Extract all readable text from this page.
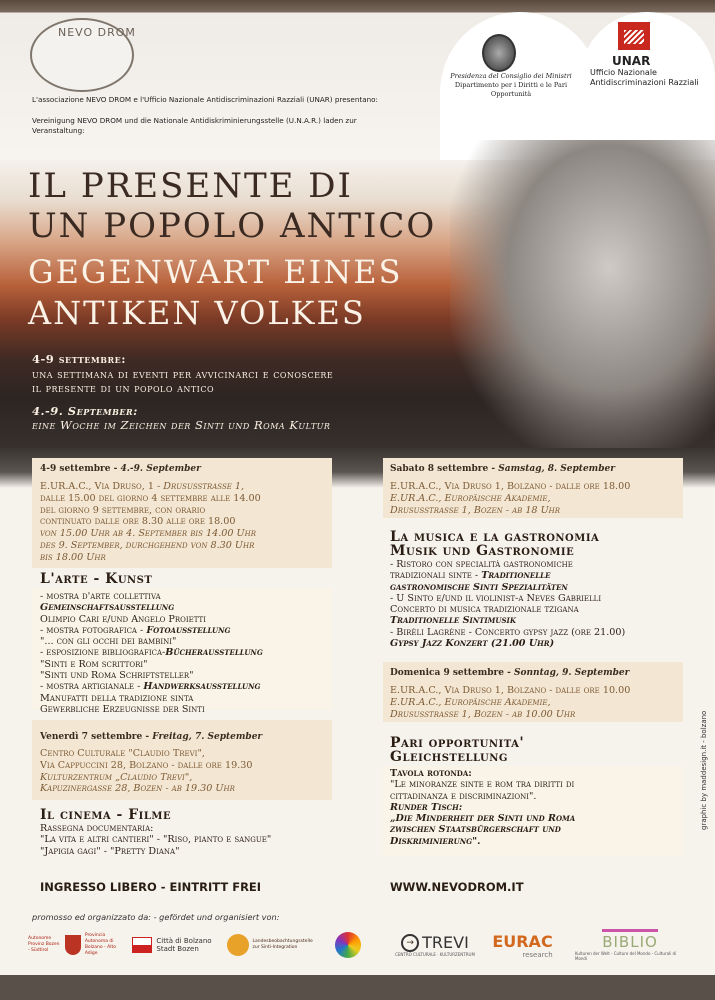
NEVO DROM
Presidenza del Consiglio dei Ministri
Dipartimento per i Diritti e le Pari Opportunità
UNAR
Ufficio Nazionale Antidiscriminazioni Razziali
L'associazione NEVO DROM e l'Ufficio Nazionale Antidiscriminazioni Razziali (UNAR) presentano:
Vereinigung NEVO DROM und die Nationale Antidiskriminierungsstelle (U.N.A.R.) laden zur Veranstaltung:
IL PRESENTE DI
UN POPOLO ANTICO
GEGENWART EINES
ANTIKEN VOLKES
4-9 settembre:
una settimana di eventi per avvicinarci e conoscere
il presente di un popolo antico
4.-9. September:
eine Woche im Zeichen der Sinti und Roma Kultur
4-9 settembre - 4.-9. September
E.UR.A.C., Via Druso, 1 - Drususstrasse 1,
dalle 15.00 del giorno 4 settembre alle 14.00
del giorno 9 settembre, con orario
continuato dalle ore 8.30 alle ore 18.00
von 15.00 Uhr ab 4. September bis 14.00 Uhr
des 9. September, durchgehend von 8.30 Uhr
bis 18.00 Uhr
L'arte - Kunst
- mostra d'arte collettiva
Gemeinschaftsausstellung
Olimpio Cari e/und Angelo Proietti
- mostra fotografica - Fotoausstellung
"... con gli occhi dei bambini"
- esposizione bibliografica-Bücherausstellung
"Sinti e Rom scrittori"
"Sinti und Roma Schriftsteller"
- mostra artigianale - Handwerksausstellung
Manufatti della tradizione sinta
Gewerbliche Erzeugnisse der Sinti
Venerdì 7 settembre - Freitag, 7. September
Centro Culturale "Claudio Trevi",
Via Cappuccini 28, Bolzano - dalle ore 19.30
Kulturzentrum „Claudio Trevi",
Kapuzinergasse 28, Bozen - ab 19.30 Uhr
Il cinema - Filme
Rassegna documentaria:
"La vita e altri cantieri" - "Riso, pianto e sangue"
"Japigia gagi" - "Pretty Diana"
Sabato 8 settembre - Samstag, 8. September
E.UR.A.C., Via Druso 1, Bolzano - dalle ore 18.00
E.UR.A.C., Europäische Akademie,
Drususstrasse 1, Bozen - ab 18 Uhr
La musica e la gastronomia
Musik und Gastronomie
- Ristoro con specialità gastronomiche
tradizionali sinte - Traditionelle
gastronomische Sinti Spezialitäten
- U Sinto e/und il violinist-a Neves Gabrielli
Concerto di musica tradizionale tzigana
Traditionelle Sintimusik
- Birèli Lagrène - Concerto gypsy jazz (ore 21.00)
Gypsy Jazz Konzert (21.00 Uhr)
Domenica 9 settembre - Sonntag, 9. September
E.UR.A.C., Via Druso 1, Bolzano - dalle ore 10.00
E.UR.A.C., Europäische Akademie,
Drususstrasse 1, Bozen - ab 10.00 Uhr
Pari opportunita'
Gleichstellung
Tavola rotonda:
"Le minoranze sinte e rom tra diritti di
cittadinanza e discriminazioni".
Runder Tisch:
„Die Minderheit der Sinti und Roma
zwischen Staatsbürgerschaft und
Diskriminierung".
INGRESSO LIBERO - EINTRITT FREI	WWW.NEVODROM.IT
promosso ed organizzato da: - gefördet und organisiert von:
Autonome Provinz Bozen - Südtirol
Provincia Autonoma di Bolzano - Alto Adige
Città di Bolzano
Stadt Bozen
Landesbeobachtungsstelle zur Sinti-Integration	→ TREVI
CENTRO CULTURALE · KULTURZENTRUM
EURAC
research
BIBLIO
Kulturen der Welt - Culture del Mondo - Culturali di Mondi
graphic by maddesign.it - bolzano
